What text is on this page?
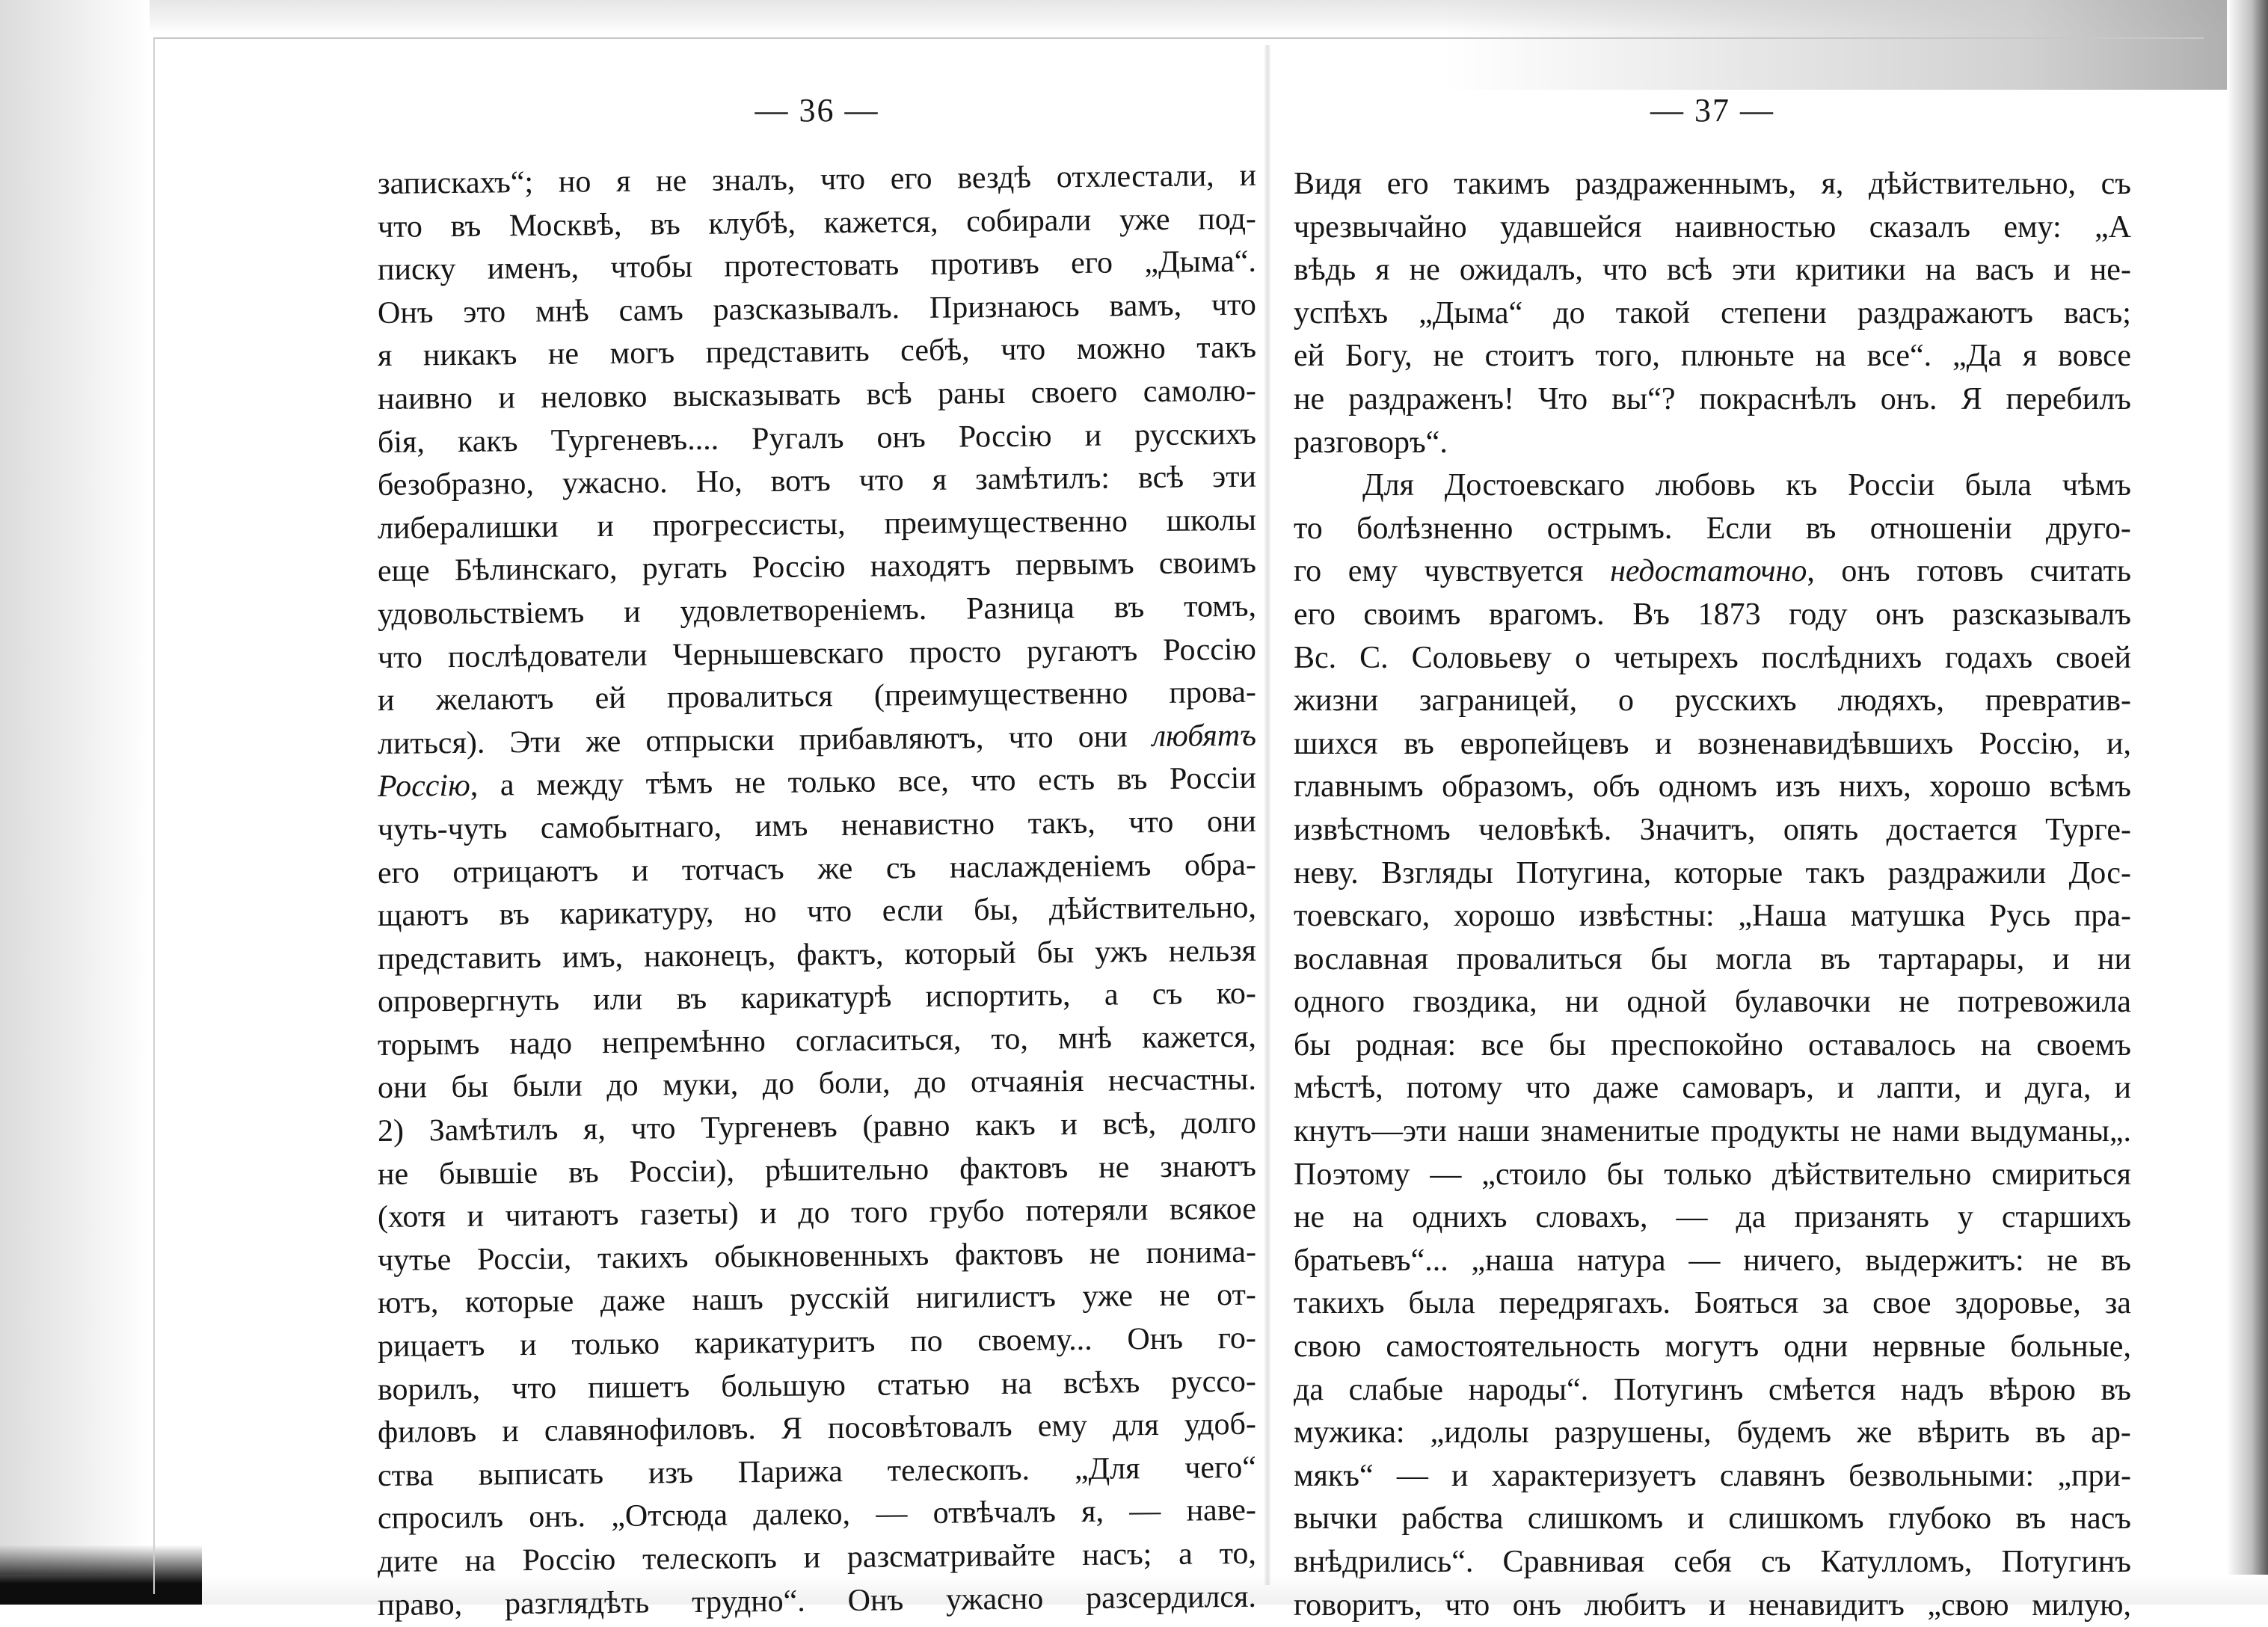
— 36 —
запискахъ“; но я не зналъ, что его вездѣ отхлестали, и
что въ Москвѣ, въ клубѣ, кажется, собирали уже под-
писку именъ, чтобы протестовать противъ его „Дыма“.
Онъ это мнѣ самъ разсказывалъ. Признаюсь вамъ, что
я никакъ не могъ представить себѣ, что можно такъ
наивно и неловко высказывать всѣ раны своего самолю-
бія, какъ Тургеневъ.... Ругалъ онъ Россію и русскихъ
безобразно, ужасно. Но, вотъ что я замѣтилъ: всѣ эти
либералишки и прогрессисты, преимущественно школы
еще Бѣлинскаго, ругать Россію находятъ первымъ своимъ
удовольствіемъ и удовлетвореніемъ. Разница въ томъ,
что послѣдователи Чернышевскаго просто ругаютъ Россію
и желаютъ ей провалиться (преимущественно прова-
литься). Эти же отпрыски прибавляютъ, что они любятъ
Россію, а между тѣмъ не только все, что есть въ Россіи
чуть-чуть самобытнаго, имъ ненавистно такъ, что они
его отрицаютъ и тотчасъ же съ наслажденіемъ обра-
щаютъ въ карикатуру, но что если бы, дѣйствительно,
представить имъ, наконецъ, фактъ, который бы ужъ нельзя
опровергнуть или въ карикатурѣ испортить, а съ ко-
торымъ надо непремѣнно согласиться, то, мнѣ кажется,
они бы были до муки, до боли, до отчаянія несчастны.
2) Замѣтилъ я, что Тургеневъ (равно какъ и всѣ, долго
не бывшіе въ Россіи), рѣшительно фактовъ не знаютъ
(хотя и читаютъ газеты) и до того грубо потеряли всякое
чутье Россіи, такихъ обыкновенныхъ фактовъ не понима-
ютъ, которые даже нашъ русскій нигилистъ уже не от-
рицаетъ и только карикатуритъ по своему... Онъ го-
ворилъ, что пишетъ большую статью на всѣхъ руссо-
филовъ и славянофиловъ. Я посовѣтовалъ ему для удоб-
ства выписать изъ Парижа телескопъ. „Для чего“
спросилъ онъ. „Отсюда далеко, — отвѣчалъ я, — наве-
дите на Россію телескопъ и разсматривайте насъ; а то,
право, разглядѣть трудно“. Онъ ужасно разсердился.
— 37 —
Видя его такимъ раздраженнымъ, я, дѣйствительно, съ
чрезвычайно удавшейся наивностью сказалъ ему: „А
вѣдь я не ожидалъ, что всѣ эти критики на васъ и не-
успѣхъ „Дыма“ до такой степени раздражаютъ васъ;
ей Богу, не стоитъ того, плюньте на все“. „Да я вовсе
не раздраженъ! Что вы“? покраснѣлъ онъ. Я перебилъ
разговоръ“.
Для Достоевскаго любовь къ Россіи была чѣмъ
то болѣзненно острымъ. Если въ отношеніи друго-
го ему чувствуется недостаточно, онъ готовъ считать
его своимъ врагомъ. Въ 1873 году онъ разсказывалъ
Вс. С. Соловьеву о четырехъ послѣднихъ годахъ своей
жизни заграницей, о русскихъ людяхъ, превратив-
шихся въ европейцевъ и возненавидѣвшихъ Россію, и,
главнымъ образомъ, объ одномъ изъ нихъ, хорошо всѣмъ
извѣстномъ человѣкѣ. Значитъ, опять достается Турге-
неву. Взгляды Потугина, которые такъ раздражили Дос-
тоевскаго, хорошо извѣстны: „Наша матушка Русь пра-
вославная провалиться бы могла въ тартарары, и ни
одного гвоздика, ни одной булавочки не потревожила
бы родная: все бы преспокойно оставалось на своемъ
мѣстѣ, потому что даже самоваръ, и лапти, и дуга, и
кнутъ—эти наши знаменитые продукты не нами выдуманы„.
Поэтому — „стоило бы только дѣйствительно смириться
не на однихъ словахъ, — да призанять у старшихъ
братьевъ“... „наша натура — ничего, выдержитъ: не въ
такихъ была передрягахъ. Бояться за свое здоровье, за
свою самостоятельность могутъ одни нервные больные,
да слабые народы“. Потугинъ смѣется надъ вѣрою въ
мужика: „идолы разрушены, будемъ же вѣрить въ ар-
мякъ“ — и характеризуетъ славянъ безвольными: „при-
вычки рабства слишкомъ и слишкомъ глубоко въ насъ
внѣдрились“. Сравнивая себя съ Катулломъ, Потугинъ
говоритъ, что онъ любитъ и ненавидитъ „свою милую,
